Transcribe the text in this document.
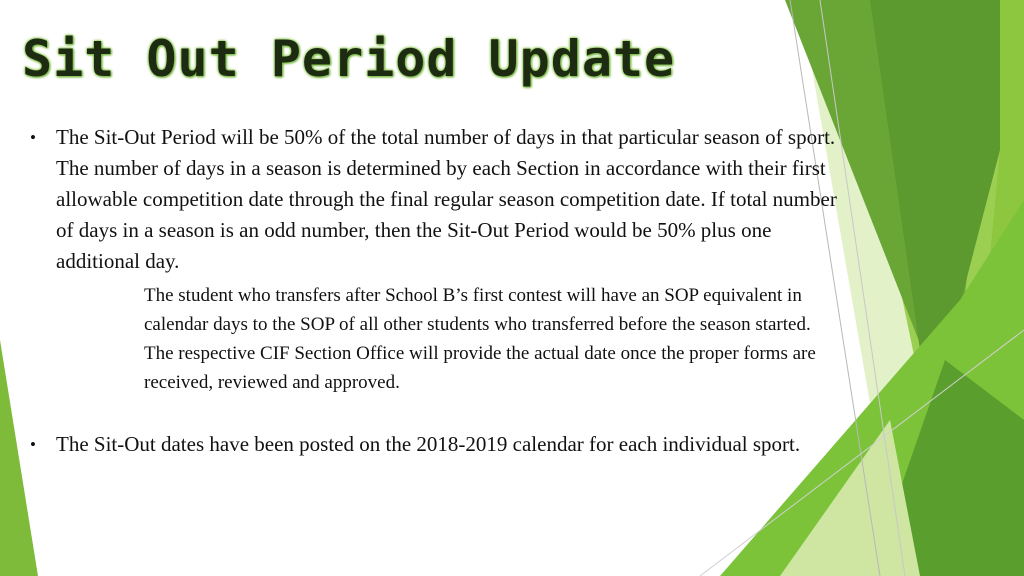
Sit Out Period Update
• The Sit-Out Period will be 50% of the total number of days in that particular season of sport. The number of days in a season is determined by each Section in accordance with their first allowable competition date through the final regular season competition date. If total number of days in a season is an odd number, then the Sit-Out Period would be 50% plus one additional day.
The student who transfers after School B’s first contest will have an SOP equivalent in calendar days to the SOP of all other students who transferred before the season started. The respective CIF Section Office will provide the actual date once the proper forms are received, reviewed and approved.
• The Sit-Out dates have been posted on the 2018-2019 calendar for each individual sport.
